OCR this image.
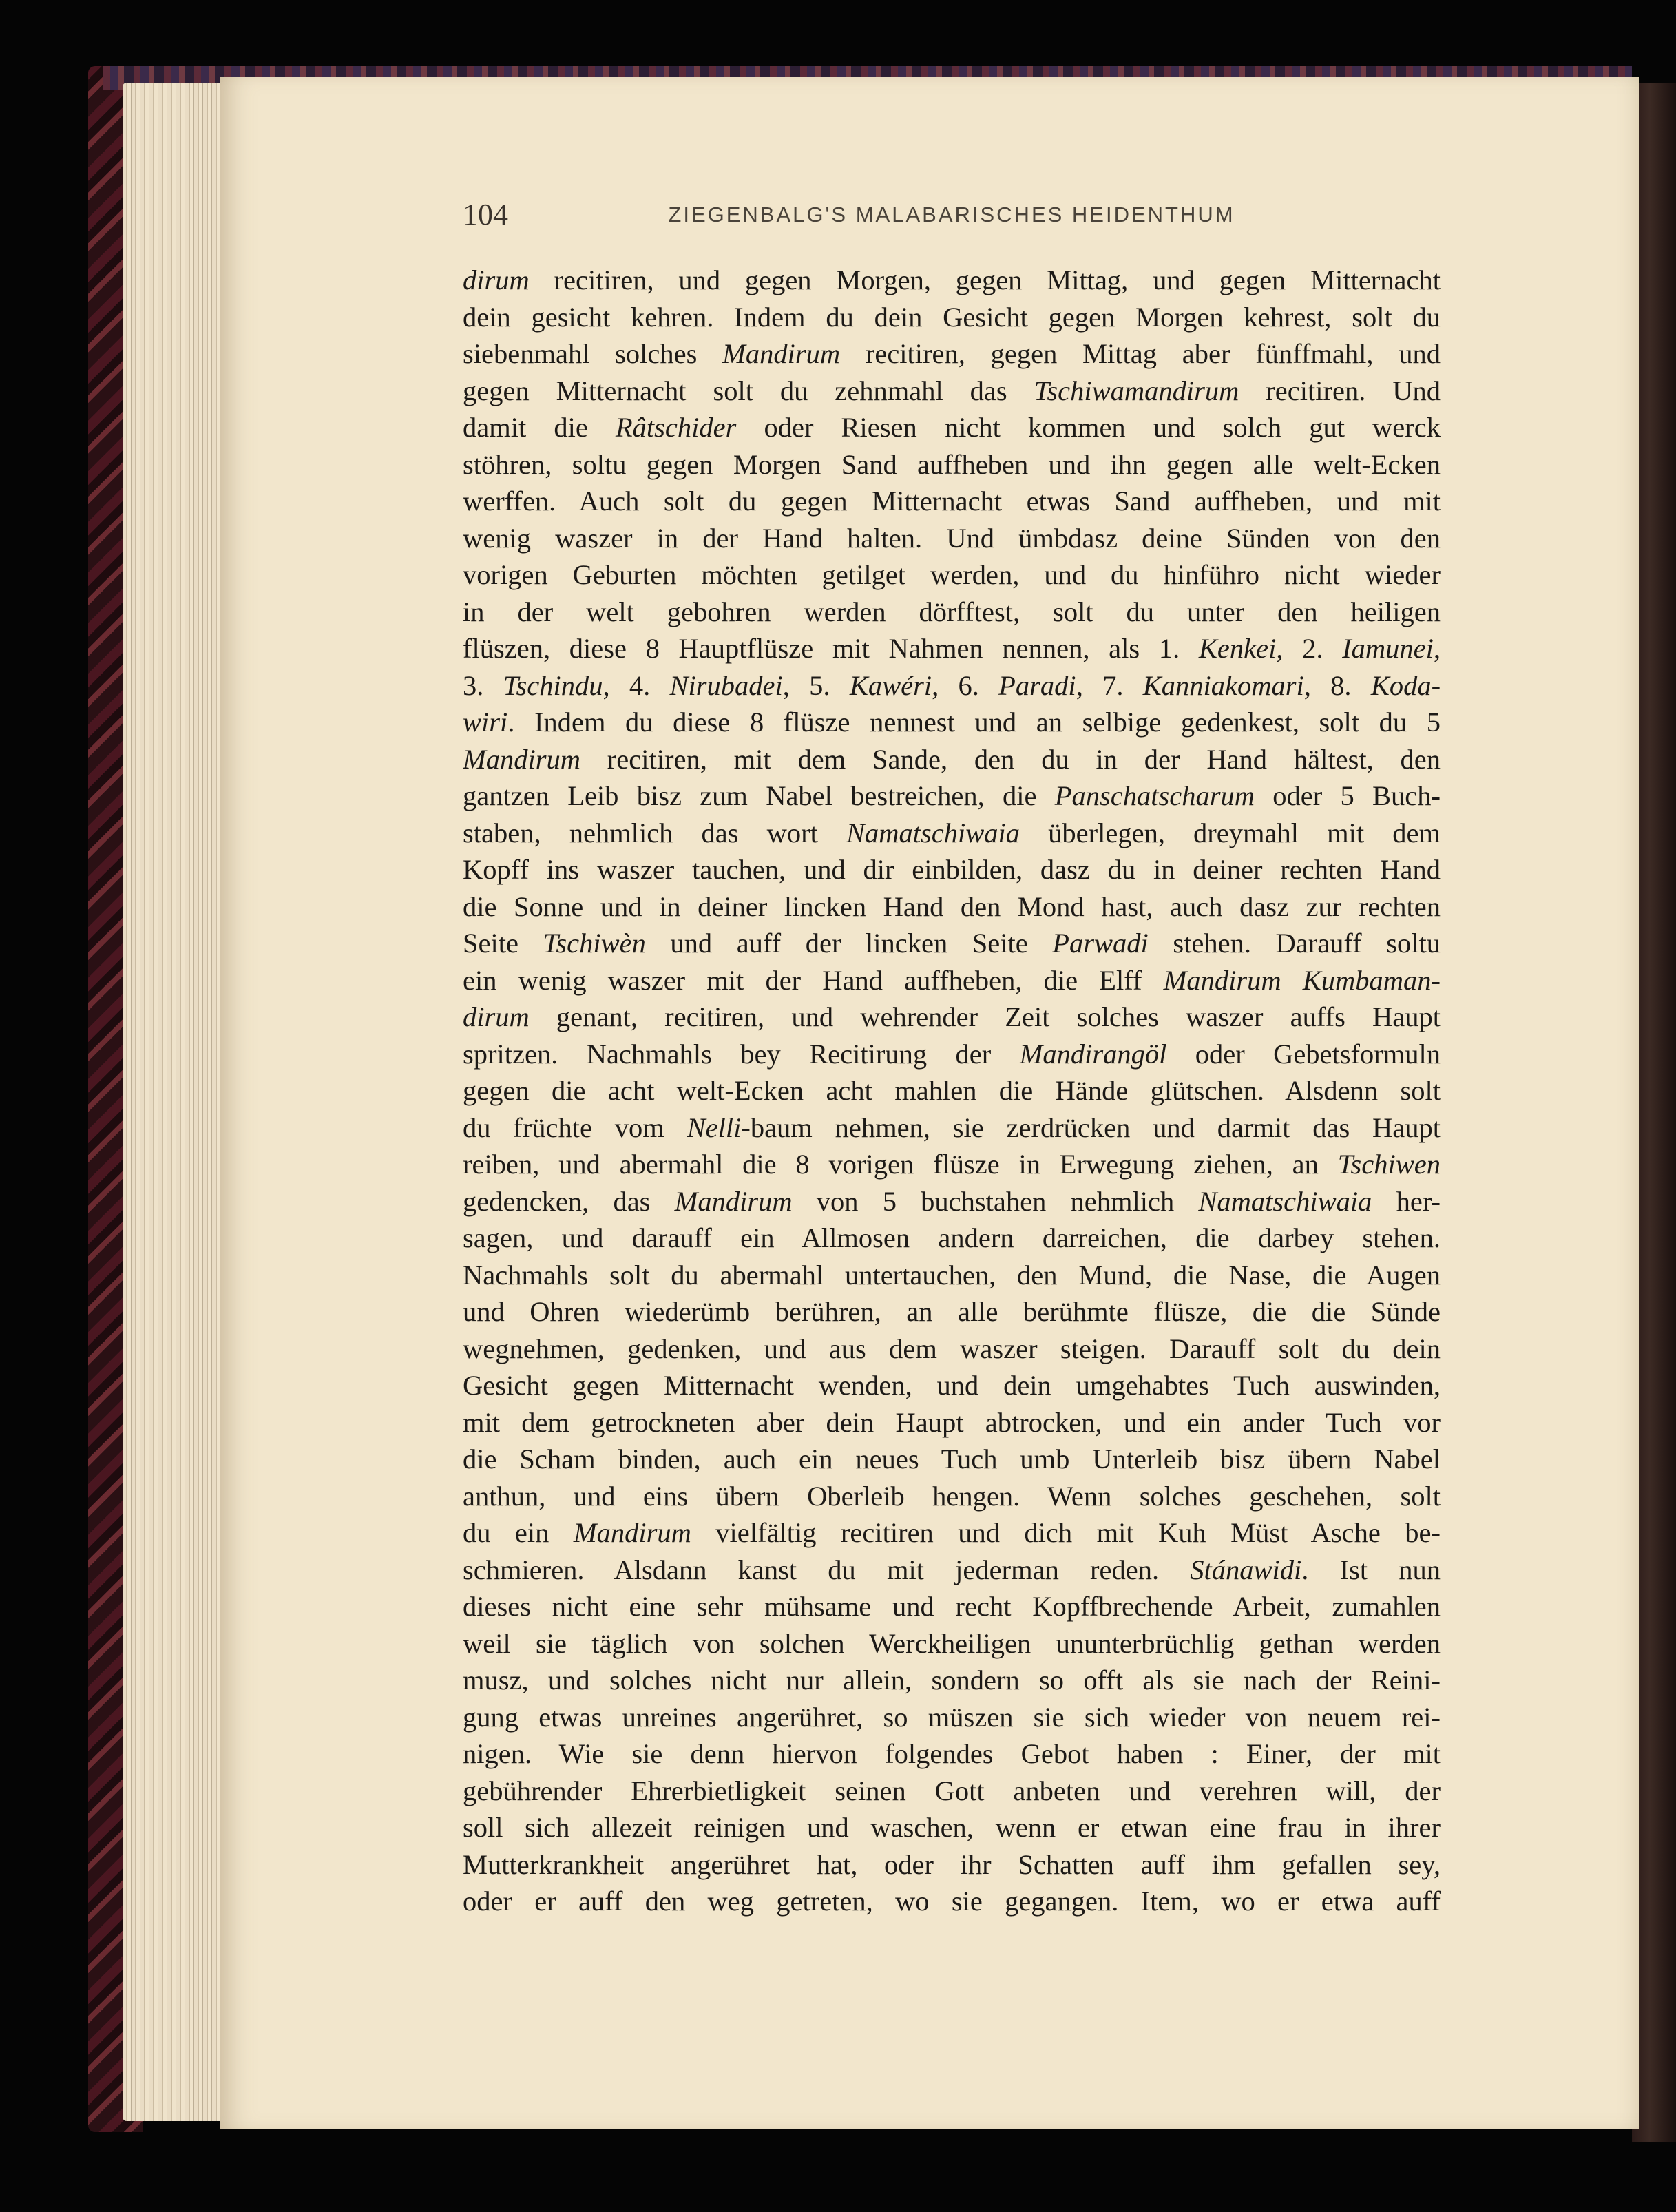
104	ZIEGENBALG'S MALABARISCHES HEIDENTHUM
dirum recitiren, und gegen Morgen, gegen Mittag, und gegen Mitternacht
dein gesicht kehren. Indem du dein Gesicht gegen Morgen kehrest, solt du
siebenmahl solches Mandirum recitiren, gegen Mittag aber fünffmahl, und
gegen Mitternacht solt du zehnmahl das Tschiwamandirum recitiren. Und
damit die Râtschider oder Riesen nicht kommen und solch gut werck
stöhren, soltu gegen Morgen Sand auffheben und ihn gegen alle welt-Ecken
werffen. Auch solt du gegen Mitternacht etwas Sand auffheben, und mit
wenig waszer in der Hand halten. Und ümbdasz deine Sünden von den
vorigen Geburten möchten getilget werden, und du hinführo nicht wieder
in der welt gebohren werden dörfftest, solt du unter den heiligen
flüszen, diese 8 Hauptflüsze mit Nahmen nennen, als 1. Kenkei, 2. Iamunei,
3. Tschindu, 4. Nirubadei, 5. Kawéri, 6. Paradi, 7. Kanniakomari, 8. Koda-
wiri. Indem du diese 8 flüsze nennest und an selbige gedenkest, solt du 5
Mandirum recitiren, mit dem Sande, den du in der Hand hältest, den
gantzen Leib bisz zum Nabel bestreichen, die Panschatscharum oder 5 Buch-
staben, nehmlich das wort Namatschiwaia überlegen, dreymahl mit dem
Kopff ins waszer tauchen, und dir einbilden, dasz du in deiner rechten Hand
die Sonne und in deiner lincken Hand den Mond hast, auch dasz zur rechten
Seite Tschiwèn und auff der lincken Seite Parwadi stehen. Darauff soltu
ein wenig waszer mit der Hand auffheben, die Elff Mandirum Kumbaman-
dirum genant, recitiren, und wehrender Zeit solches waszer auffs Haupt
spritzen. Nachmahls bey Recitirung der Mandirangöl oder Gebetsformuln
gegen die acht welt-Ecken acht mahlen die Hände glütschen. Alsdenn solt
du früchte vom Nelli-baum nehmen, sie zerdrücken und darmit das Haupt
reiben, und abermahl die 8 vorigen flüsze in Erwegung ziehen, an Tschiwen
gedencken, das Mandirum von 5 buchstahen nehmlich Namatschiwaia her-
sagen, und darauff ein Allmosen andern darreichen, die darbey stehen.
Nachmahls solt du abermahl untertauchen, den Mund, die Nase, die Augen
und Ohren wiederümb berühren, an alle berühmte flüsze, die die Sünde
wegnehmen, gedenken, und aus dem waszer steigen. Darauff solt du dein
Gesicht gegen Mitternacht wenden, und dein umgehabtes Tuch auswinden,
mit dem getrockneten aber dein Haupt abtrocken, und ein ander Tuch vor
die Scham binden, auch ein neues Tuch umb Unterleib bisz übern Nabel
anthun, und eins übern Oberleib hengen. Wenn solches geschehen, solt
du ein Mandirum vielfältig recitiren und dich mit Kuh Müst Asche be-
schmieren. Alsdann kanst du mit jederman reden. Stánawidi. Ist nun
dieses nicht eine sehr mühsame und recht Kopffbrechende Arbeit, zumahlen
weil sie täglich von solchen Werckheiligen ununterbrüchlig gethan werden
musz, und solches nicht nur allein, sondern so offt als sie nach der Reini-
gung etwas unreines angerühret, so müszen sie sich wieder von neuem rei-
nigen. Wie sie denn hiervon folgendes Gebot haben : Einer, der mit
gebührender Ehrerbietligkeit seinen Gott anbeten und verehren will, der
soll sich allezeit reinigen und waschen, wenn er etwan eine frau in ihrer
Mutterkrankheit angerühret hat, oder ihr Schatten auff ihm gefallen sey,
oder er auff den weg getreten, wo sie gegangen. Item, wo er etwa auff
